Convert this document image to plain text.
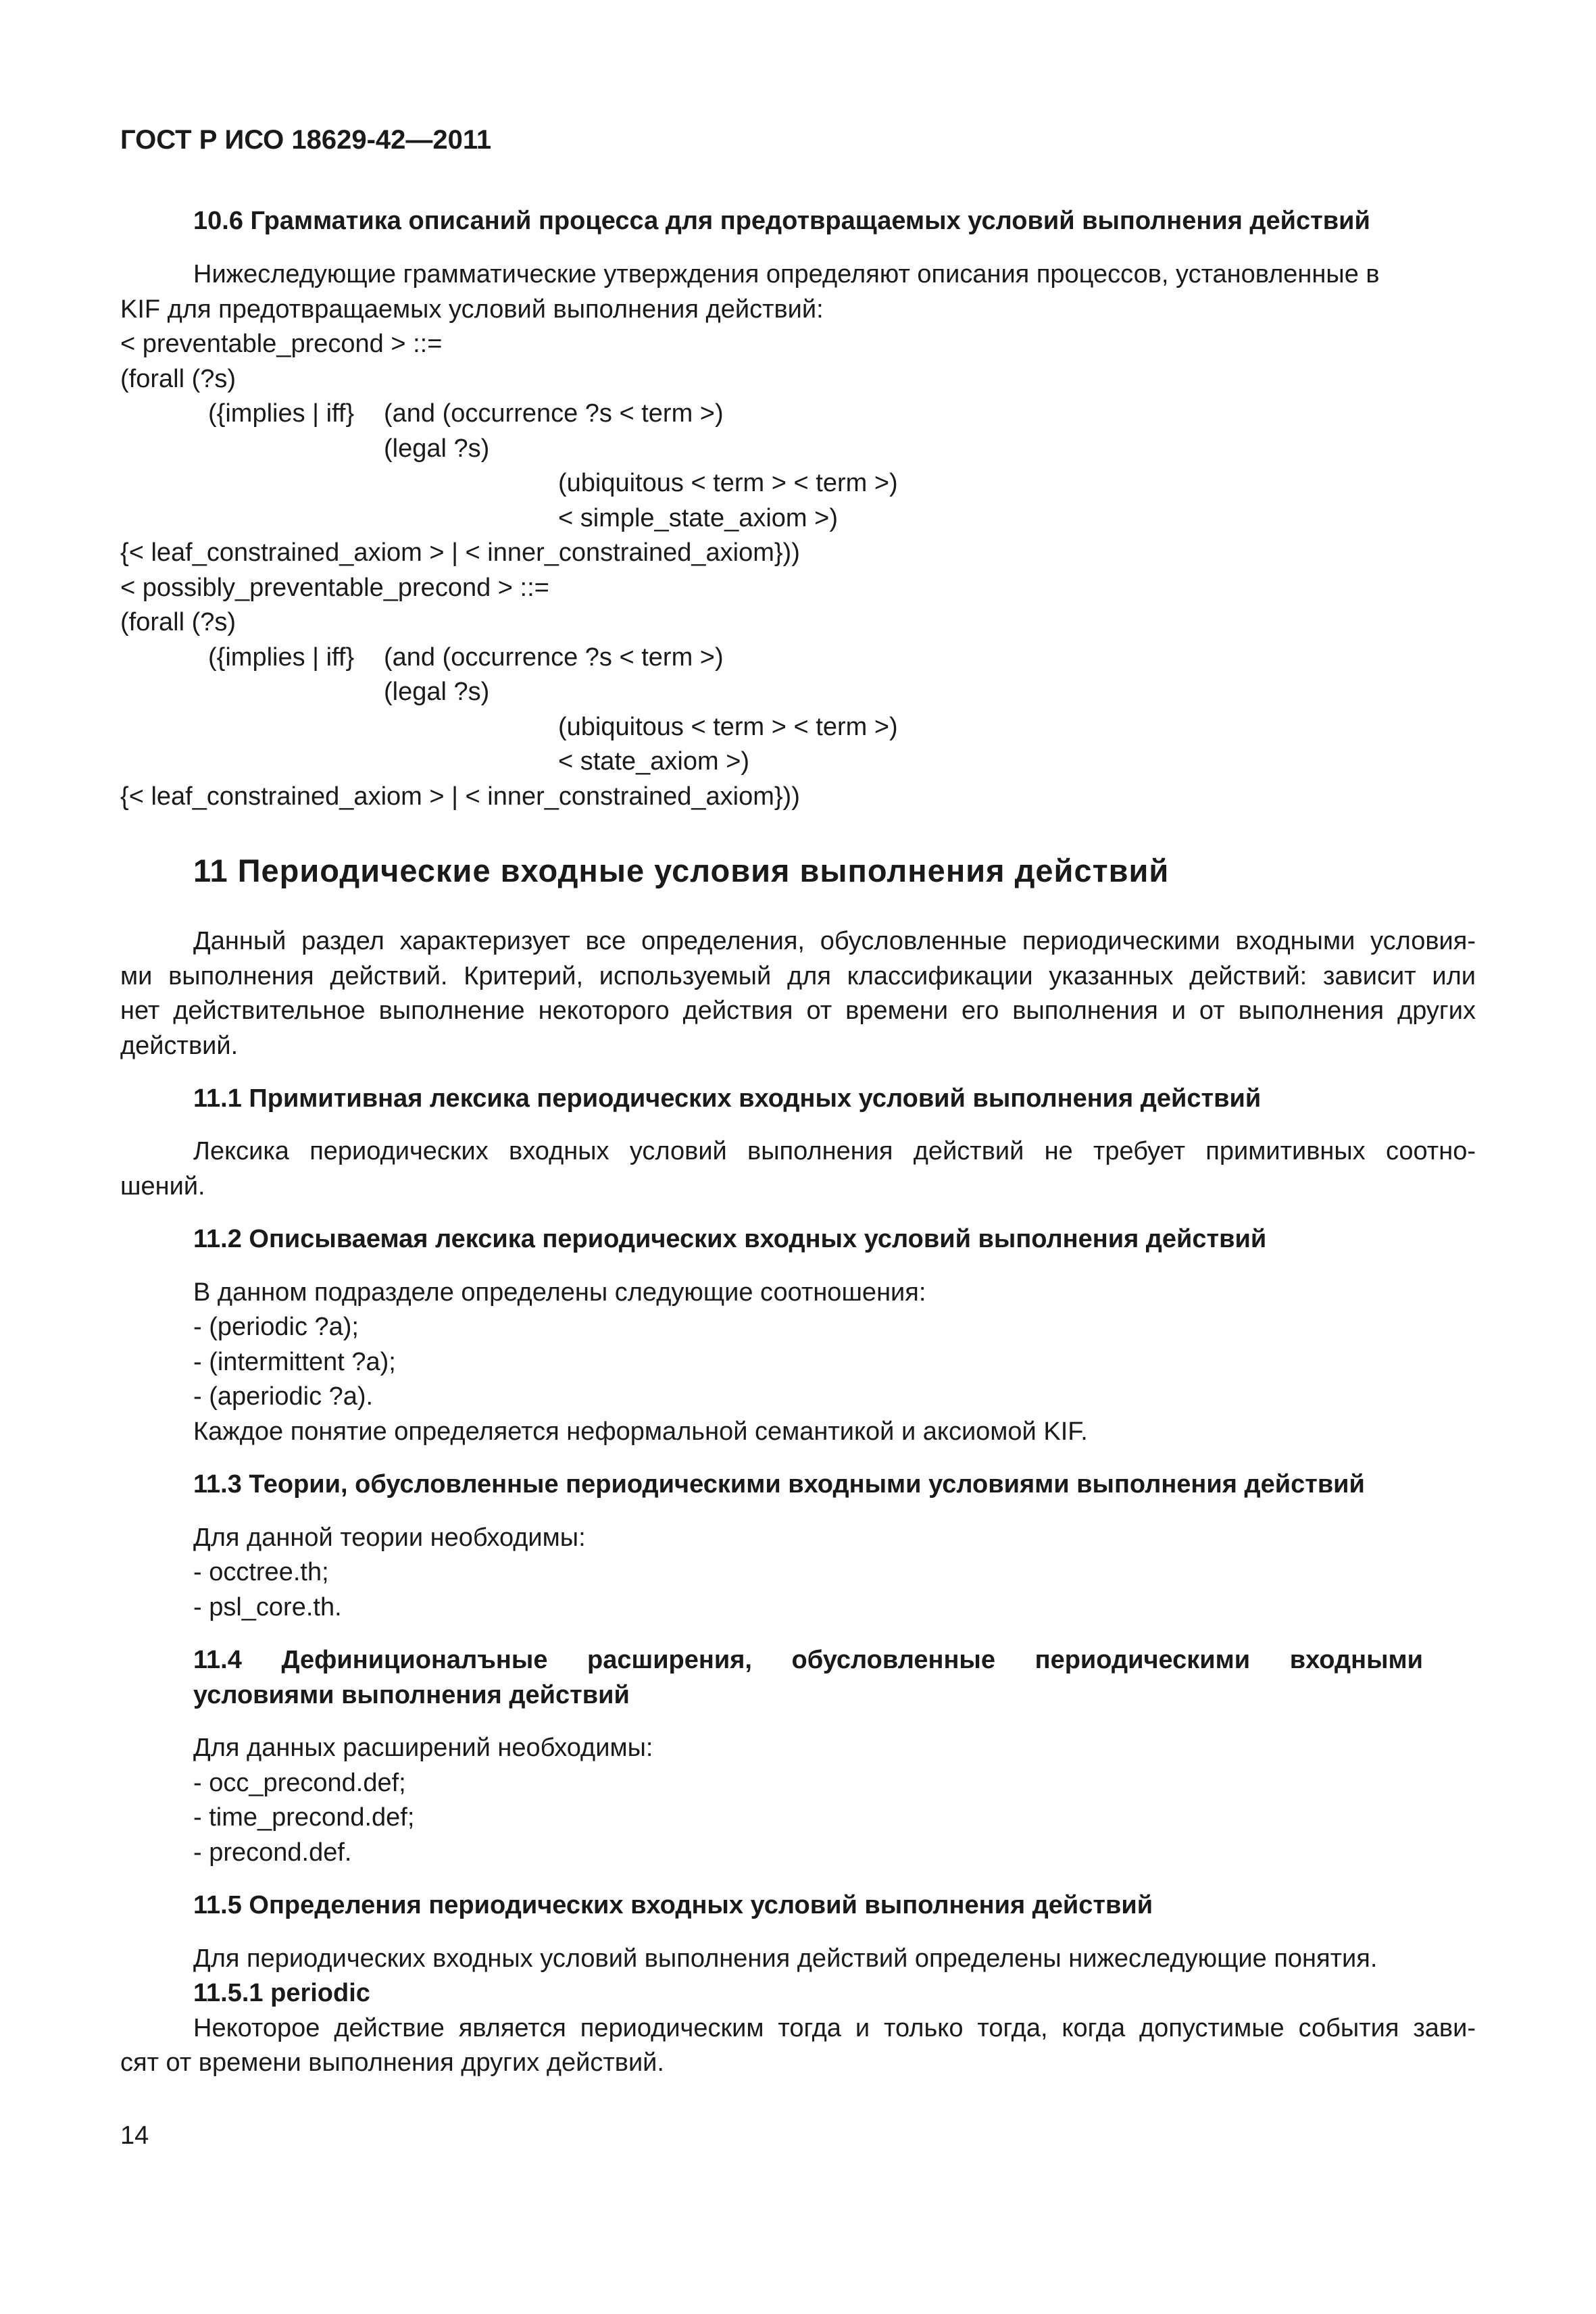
ГОСТ Р ИСО 18629-42—2011
10.6 Грамматика описаний процесса для предотвращаемых условий выполнения действий
Нижеследующие грамматические утверждения определяют описания процессов, установленные в
KIF для предотвращаемых условий выполнения действий:
< preventable_precond > ::=
(forall (?s)
({implies | iff} (and (occurrence ?s < term >)
(legal ?s)
(ubiquitous < term > < term >)
< simple_state_axiom >)
{< leaf_constrained_axiom > | < inner_constrained_axiom}))
< possibly_preventable_precond > ::=
(forall (?s)
({implies | iff} (and (occurrence ?s < term >)
(legal ?s)
(ubiquitous < term > < term >)
< state_axiom >)
{< leaf_constrained_axiom > | < inner_constrained_axiom}))
11 Периодические входные условия выполнения действий
Данный раздел характеризует все определения, обусловленные периодическими входными условия-
ми выполнения действий. Критерий, используемый для классификации указанных действий: зависит или
нет действительное выполнение некоторого действия от времени его выполнения и от выполнения других
действий.
11.1 Примитивная лексика периодических входных условий выполнения действий
Лексика периодических входных условий выполнения действий не требует примитивных соотно-
шений.
11.2 Описываемая лексика периодических входных условий выполнения действий
В данном подразделе определены следующие соотношения:
- (periodic ?a);
- (intermittent ?a);
- (aperiodic ?a).
Каждое понятие определяется неформальной семантикой и аксиомой KIF.
11.3 Теории, обусловленные периодическими входными условиями выполнения действий
Для данной теории необходимы:
- occtree.th;
- psl_core.th.
11.4 Дефиниционалъные расширения, обусловленные периодическими входными
условиями выполнения действий
Для данных расширений необходимы:
- occ_precond.def;
- time_precond.def;
- precond.def.
11.5 Определения периодических входных условий выполнения действий
Для периодических входных условий выполнения действий определены нижеследующие понятия.
11.5.1 periodic
Некоторое действие является периодическим тогда и только тогда, когда допустимые события зави-
сят от времени выполнения других действий.
14
